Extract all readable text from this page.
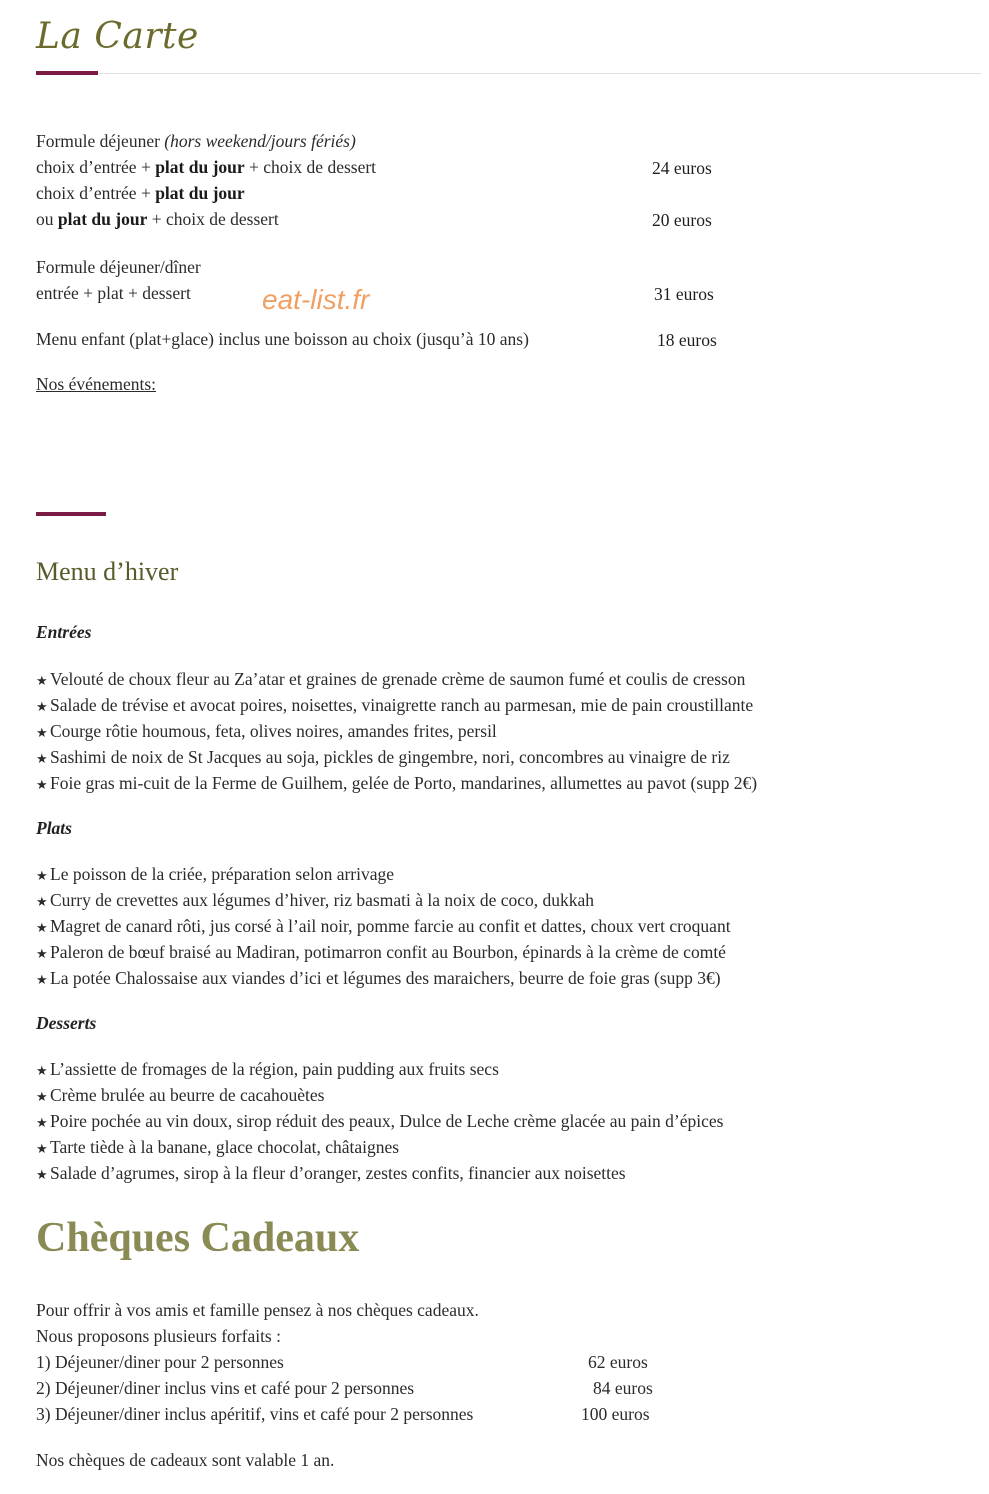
La Carte
Formule déjeuner (hors weekend/jours fériés)
choix d’entrée + plat du jour + choix de dessert	24 euros
choix d’entrée + plat du jour
ou plat du jour + choix de dessert	20 euros
Formule déjeuner/dîner
entrée + plat + dessert	31 euros
eat-list.fr
Menu enfant (plat+glace) inclus une boisson au choix (jusqu’à 10 ans)	18 euros
Nos événements:
Menu d’hiver
Entrées
★ Velouté de choux fleur au Za’atar et graines de grenade crème de saumon fumé et coulis de cresson
★ Salade de trévise et avocat poires, noisettes, vinaigrette ranch au parmesan, mie de pain croustillante
★ Courge rôtie houmous, feta, olives noires, amandes frites, persil
★ Sashimi de noix de St Jacques au soja, pickles de gingembre, nori, concombres au vinaigre de riz
★ Foie gras mi-cuit de la Ferme de Guilhem, gelée de Porto, mandarines, allumettes au pavot (supp 2€)
Plats
★ Le poisson de la criée, préparation selon arrivage
★ Curry de crevettes aux légumes d’hiver, riz basmati à la noix de coco, dukkah
★ Magret de canard rôti, jus corsé à l’ail noir, pomme farcie au confit et dattes, choux vert croquant
★ Paleron de bœuf braisé au Madiran, potimarron confit au Bourbon, épinards à la crème de comté
★ La potée Chalossaise aux viandes d’ici et légumes des maraichers, beurre de foie gras (supp 3€)
Desserts
★ L’assiette de fromages de la région, pain pudding aux fruits secs
★ Crème brulée au beurre de cacahouètes
★ Poire pochée au vin doux, sirop réduit des peaux, Dulce de Leche crème glacée au pain d’épices
★ Tarte tiède à la banane, glace chocolat, châtaignes
★ Salade d’agrumes, sirop à la fleur d’oranger, zestes confits, financier aux noisettes
Chèques Cadeaux
Pour offrir à vos amis et famille pensez à nos chèques cadeaux.
Nous proposons plusieurs forfaits :
1) Déjeuner/diner pour 2 personnes	62 euros
2) Déjeuner/diner inclus vins et café pour 2 personnes	84 euros
3) Déjeuner/diner inclus apéritif, vins et café pour 2 personnes	100 euros
Nos chèques de cadeaux sont valable 1 an.
